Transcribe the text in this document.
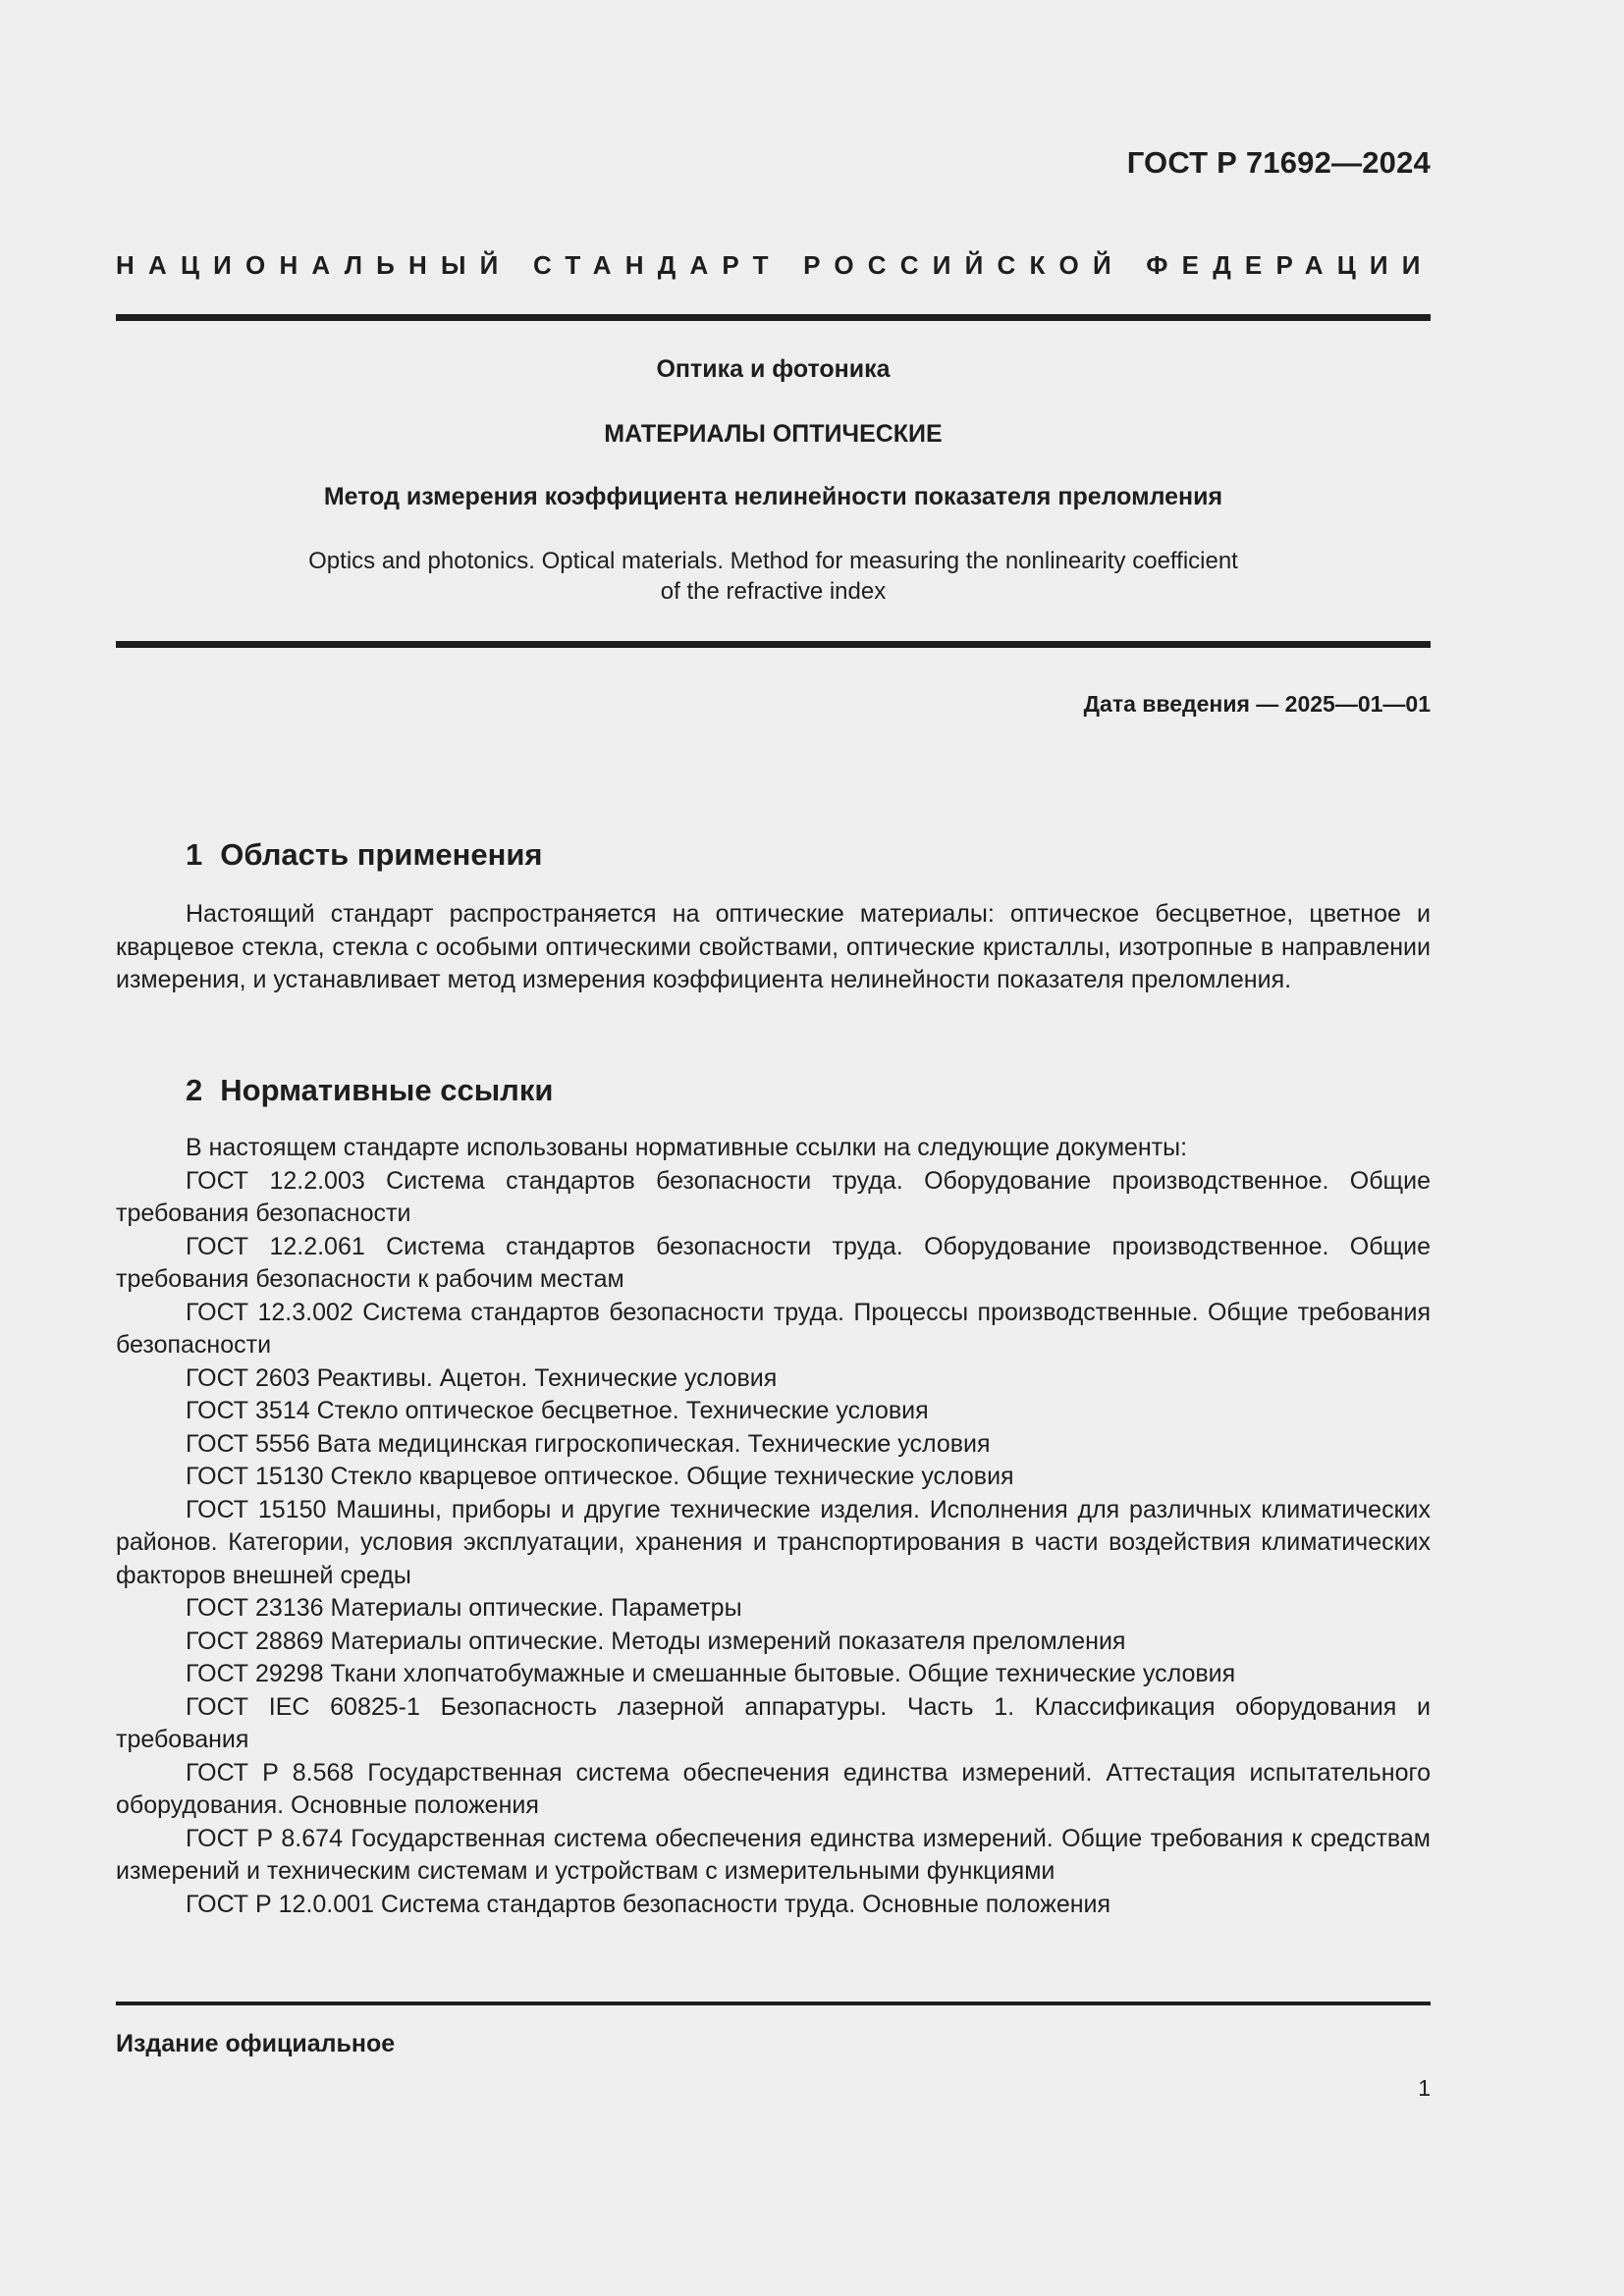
ГОСТ Р 71692—2024
НАЦИОНАЛЬНЫЙ СТАНДАРТ РОССИЙСКОЙ ФЕДЕРАЦИИ
Оптика и фотоника
МАТЕРИАЛЫ ОПТИЧЕСКИЕ
Метод измерения коэффициента нелинейности показателя преломления
Optics and photonics. Optical materials. Method for measuring the nonlinearity coefficient
of the refractive index
Дата введения — 2025—01—01
1 Область применения

Настоящий стандарт распространяется на оптические материалы: оптическое бесцветное, цветное и кварцевое стекла, стекла с особыми оптическими свойствами, оптические кристаллы, изотропные в направлении измерения, и устанавливает метод измерения коэффициента нелинейности показателя преломления.

2 Нормативные ссылки
В настоящем стандарте использованы нормативные ссылки на следующие документы:
ГОСТ 12.2.003 Система стандартов безопасности труда. Оборудование производственное. Общие требования безопасности
ГОСТ 12.2.061 Система стандартов безопасности труда. Оборудование производственное. Общие требования безопасности к рабочим местам
ГОСТ 12.3.002 Система стандартов безопасности труда. Процессы производственные. Общие требования безопасности
ГОСТ 2603 Реактивы. Ацетон. Технические условия
ГОСТ 3514 Стекло оптическое бесцветное. Технические условия
ГОСТ 5556 Вата медицинская гигроскопическая. Технические условия
ГОСТ 15130 Стекло кварцевое оптическое. Общие технические условия
ГОСТ 15150 Машины, приборы и другие технические изделия. Исполнения для различных климатических районов. Категории, условия эксплуатации, хранения и транспортирования в части воздействия климатических факторов внешней среды
ГОСТ 23136 Материалы оптические. Параметры
ГОСТ 28869 Материалы оптические. Методы измерений показателя преломления
ГОСТ 29298 Ткани хлопчатобумажные и смешанные бытовые. Общие технические условия
ГОСТ IEC 60825-1 Безопасность лазерной аппаратуры. Часть 1. Классификация оборудования и требования
ГОСТ Р 8.568 Государственная система обеспечения единства измерений. Аттестация испытательного оборудования. Основные положения
ГОСТ Р 8.674 Государственная система обеспечения единства измерений. Общие требования к средствам измерений и техническим системам и устройствам с измерительными функциями
ГОСТ Р 12.0.001 Система стандартов безопасности труда. Основные положения
Издание официальное
1
